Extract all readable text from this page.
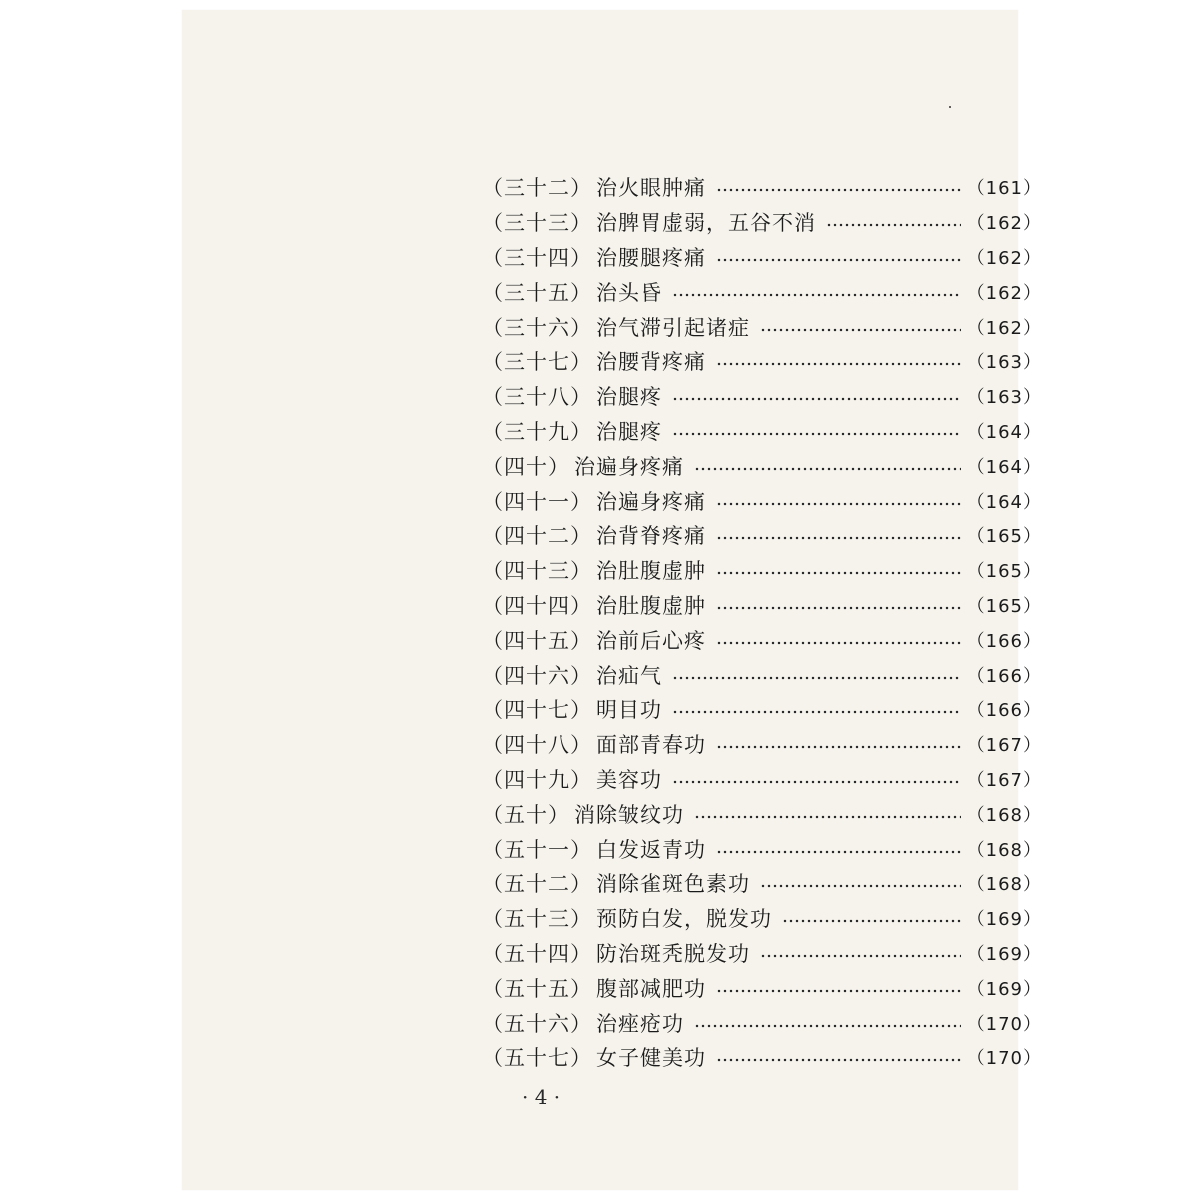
（三十二） 治火眼肿痛	（161）
（三十三） 治脾胃虚弱，五谷不消	（162）
（三十四） 治腰腿疼痛	（162）
（三十五） 治头昏	（162）
（三十六） 治气滞引起诸症	（162）
（三十七） 治腰背疼痛	（163）
（三十八） 治腿疼	（163）
（三十九） 治腿疼	（164）
（四十） 治遍身疼痛	（164）
（四十一） 治遍身疼痛	（164）
（四十二） 治背脊疼痛	（165）
（四十三） 治肚腹虚肿	（165）
（四十四） 治肚腹虚肿	（165）
（四十五） 治前后心疼	（166）
（四十六） 治疝气	（166）
（四十七） 明目功	（166）
（四十八） 面部青春功	（167）
（四十九） 美容功	（167）
（五十） 消除皱纹功	（168）
（五十一） 白发返青功	（168）
（五十二） 消除雀斑色素功	（168）
（五十三） 预防白发，脱发功	（169）
（五十四） 防治斑秃脱发功	（169）
（五十五） 腹部减肥功	（169）
（五十六） 治痤疮功	（170）
（五十七） 女子健美功	（170）
· 4 ·
